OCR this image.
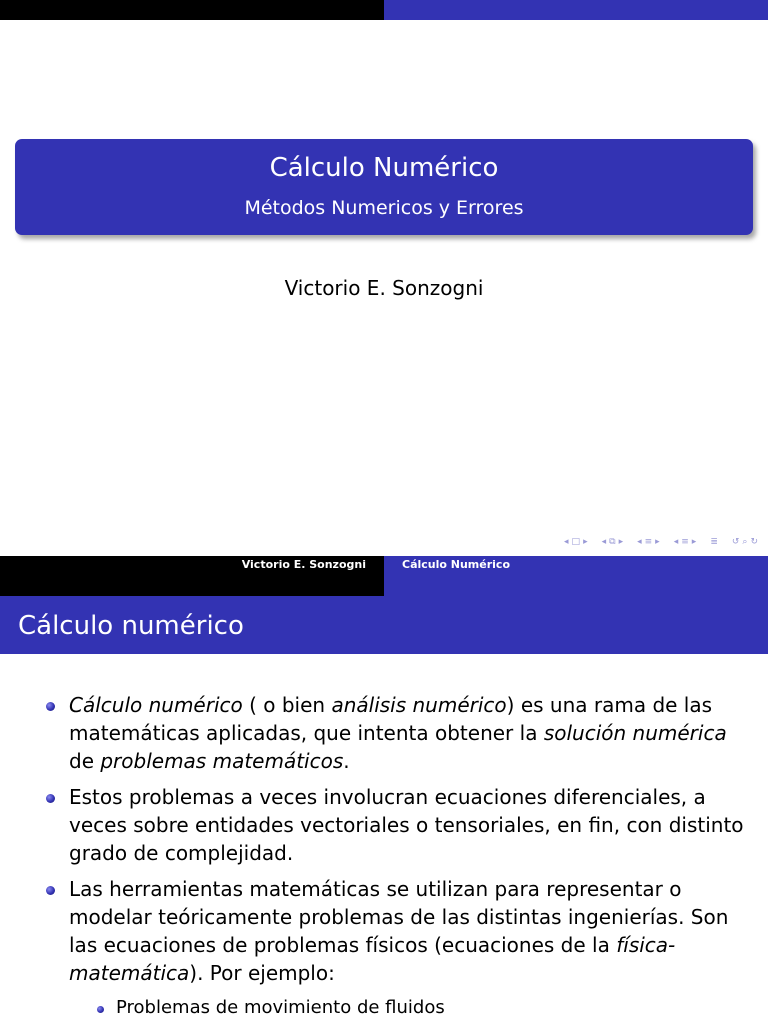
Cálculo Numérico
Métodos Numericos y Errores
Victorio E. Sonzogni
◂ □ ▸ ◂ ⧉ ▸ ◂ ≡ ▸ ◂ ≡ ▸ ≣ ↺ ⌕ ↻
Victorio E. Sonzogni	Cálculo Numérico
Cálculo numérico
Cálculo numérico ( o bien análisis numérico) es una rama de las matemáticas aplicadas, que intenta obtener la solución numérica de problemas matemáticos.
Estos problemas a veces involucran ecuaciones diferenciales, a veces sobre entidades vectoriales o tensoriales, en fin, con distinto grado de complejidad.
Las herramientas matemáticas se utilizan para representar o modelar teóricamente problemas de las distintas ingenierías. Son las ecuaciones de problemas físicos (ecuaciones de la física-matemática). Por ejemplo:
Problemas de movimiento de fluidos
